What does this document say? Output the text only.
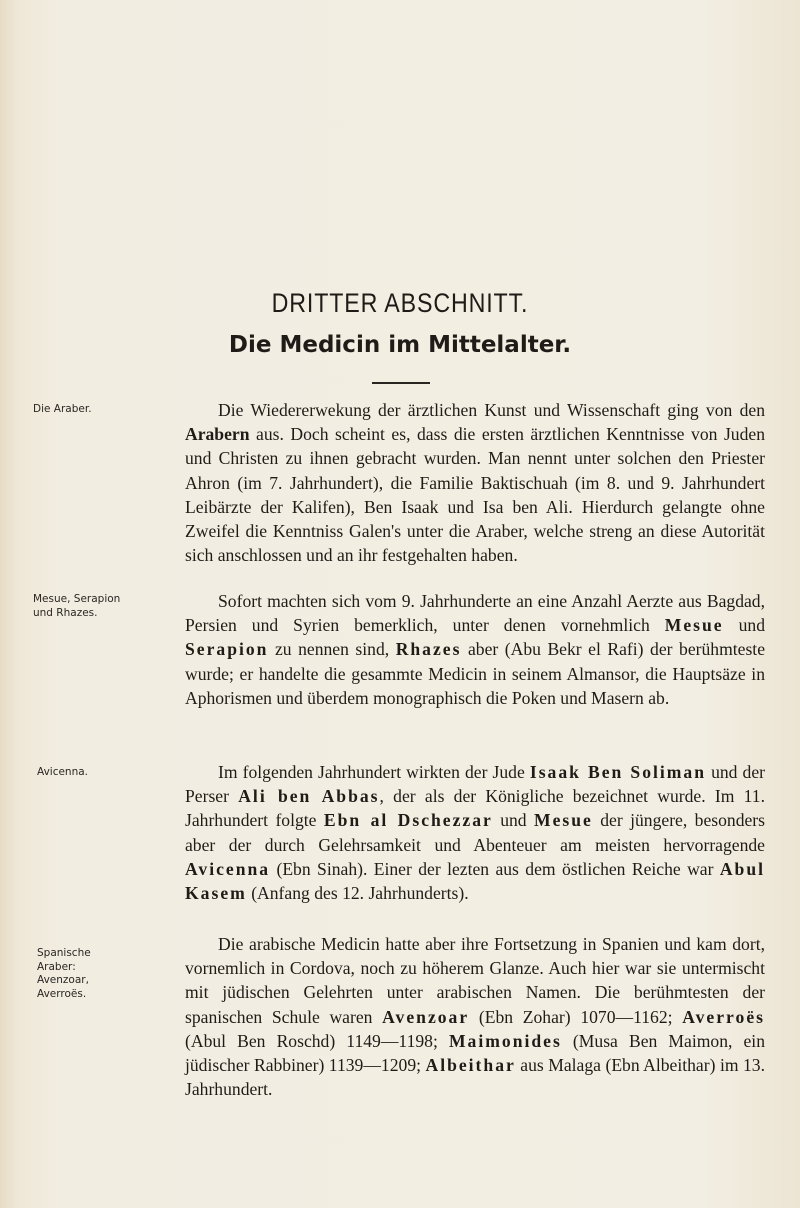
DRITTER ABSCHNITT.
Die Medicin im Mittelalter.
Die Araber.
Mesue, Serapion
und Rhazes.
Avicenna.
Spanische
Araber:
Avenzoar,
Averroës.
Die Wiedererwekung der ärztlichen Kunst und Wissenschaft ging von den Arabern aus. Doch scheint es, dass die ersten ärztlichen Kenntnisse von Juden und Christen zu ihnen gebracht wurden. Man nennt unter solchen den Priester Ahron (im 7. Jahrhundert), die Familie Baktischuah (im 8. und 9. Jahrhundert Leibärzte der Kalifen), Ben Isaak und Isa ben Ali. Hierdurch gelangte ohne Zweifel die Kenntniss Galen's unter die Araber, welche streng an diese Autorität sich anschlossen und an ihr festgehalten haben.
Sofort machten sich vom 9. Jahrhunderte an eine Anzahl Aerzte aus Bagdad, Persien und Syrien bemerklich, unter denen vornehmlich Mesue und Serapion zu nennen sind, Rhazes aber (Abu Bekr el Rafi) der berühmteste wurde; er handelte die gesammte Medicin in seinem Almansor, die Hauptsäze in Aphorismen und überdem monographisch die Poken und Masern ab.
Im folgenden Jahrhundert wirkten der Jude Isaak Ben Soliman und der Perser Ali ben Abbas, der als der Königliche bezeichnet wurde. Im 11. Jahrhundert folgte Ebn al Dschezzar und Mesue der jüngere, besonders aber der durch Gelehrsamkeit und Abenteuer am meisten hervorragende Avicenna (Ebn Sinah). Einer der lezten aus dem östlichen Reiche war Abul Kasem (Anfang des 12. Jahrhunderts).
Die arabische Medicin hatte aber ihre Fortsetzung in Spanien und kam dort, vornemlich in Cordova, noch zu höherem Glanze. Auch hier war sie untermischt mit jüdischen Gelehrten unter arabischen Namen. Die berühmtesten der spanischen Schule waren Avenzoar (Ebn Zohar) 1070—1162; Averroës (Abul Ben Roschd) 1149—1198; Maimonides (Musa Ben Maimon, ein jüdischer Rabbiner) 1139—1209; Albeithar aus Malaga (Ebn Albeithar) im 13. Jahrhundert.
